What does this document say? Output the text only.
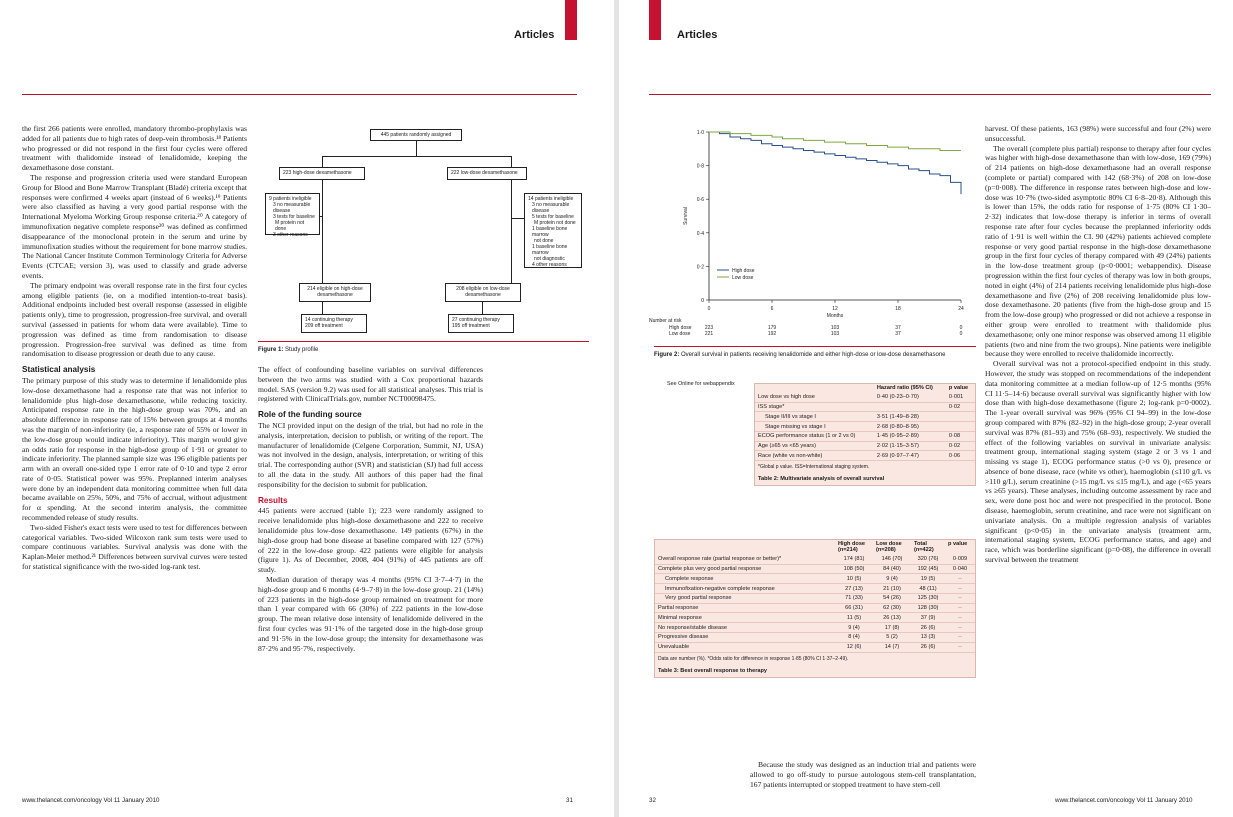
Articles

the first 266 patients were enrolled, mandatory thrombo-prophylaxis was added for all patients due to high rates of deep-vein thrombosis.¹⁸ Patients who progressed or did not respond in the first four cycles were offered treatment with thalidomide instead of lenalidomide, keeping the dexamethasone dose constant.

The response and progression criteria used were standard European Group for Blood and Bone Marrow Transplant (Bladé) criteria except that responses were confirmed 4 weeks apart (instead of 6 weeks).¹⁹ Patients were also classified as having a very good partial response with the International Myeloma Working Group response criteria.²⁰ A category of immunofixation negative complete response²⁰ was defined as confirmed disappearance of the monoclonal protein in the serum and urine by immunofixation studies without the requirement for bone marrow studies. The National Cancer Institute Common Terminology Criteria for Adverse Events (CTCAE; version 3), was used to classify and grade adverse events.

The primary endpoint was overall response rate in the first four cycles among eligible patients (ie, on a modified intention-to-treat basis). Additional endpoints included best overall response (assessed in eligible patients only), time to progression, progression-free survival, and overall survival (assessed in patients for whom data were available). Time to progression was defined as time from randomisation to disease progression. Progression-free survival was defined as time from randomisation to disease progression or death due to any cause.

Statistical analysis

The primary purpose of this study was to determine if lenalidomide plus low-dose dexamethasone had a response rate that was not inferior to lenalidomide plus high-dose dexamethasone, while reducing toxicity. Anticipated response rate in the high-dose group was 70%, and an absolute difference in response rate of 15% between groups at 4 months was the margin of non-inferiority (ie, a response rate of 55% or lower in the low-dose group would indicate inferiority). This margin would give an odds ratio for response in the high-dose group of 1·91 or greater to indicate inferiority. The planned sample size was 196 eligible patients per arm with an overall one-sided type 1 error rate of 0·10 and type 2 error rate of 0·05. Statistical power was 95%. Preplanned interim analyses were done by an independent data monitoring committee when full data became available on 25%, 50%, and 75% of accrual, without adjustment for α spending. At the second interim analysis, the committee recommended release of study results.

Two-sided Fisher's exact tests were used to test for differences between categorical variables. Two-sided Wilcoxon rank sum tests were used to compare continuous variables. Survival analysis was done with the Kaplan-Meier method.²¹ Differences between survival curves were tested for statistical significance with the two-sided log-rank test.

445 patients randomly assigned
223 high-dose dexamethasone	222 low-dose dexamethasone
9 patients ineligible
3 no measurable disease
3 tests for baseline
M protein not done
3 other reasons
14 patients ineligible
3 no measurable disease
5 tests for baseline
M protein not done
1 baseline bone marrow
not done
1 baseline bone marrow
not diagnostic
4 other reasons
214 eligible on high-dose
dexamethasone
208 eligible on low-dose
dexamethasone
14 continuing therapy
209 off treatment
27 continuing therapy
195 off treatment
Figure 1: Study profile

The effect of confounding baseline variables on survival differences between the two arms was studied with a Cox proportional hazards model. SAS (version 9.2) was used for all statistical analyses. This trial is registered with ClinicalTrials.gov, number NCT00098475.

Role of the funding source

The NCI provided input on the design of the trial, but had no role in the analysis, interpretation, decision to publish, or writing of the report. The manufacturer of lenalidomide (Celgene Corporation, Summit, NJ, USA) was not involved in the design, analysis, interpretation, or writing of this trial. The corresponding author (SVR) and statistician (SJ) had full access to all the data in the study. All authors of this paper had the final responsibility for the decision to submit for publication.

Results

445 patients were accrued (table 1); 223 were randomly assigned to receive lenalidomide plus high-dose dexamethasone and 222 to receive lenalidomide plus low-dose dexamethasone. 149 patients (67%) in the high-dose group had bone disease at baseline compared with 127 (57%) of 222 in the low-dose group. 422 patients were eligible for analysis (figure 1). As of December, 2008, 404 (91%) of 445 patients are off study.

Median duration of therapy was 4 months (95% CI 3·7–4·7) in the high-dose group and 6 months (4·9–7·8) in the low-dose group. 21 (14%) of 223 patients in the high-dose group remained on treatment for more than 1 year compared with 66 (30%) of 222 patients in the low-dose group. The mean relative dose intensity of lenalidomide delivered in the first four cycles was 91·1% of the targeted dose in the high-dose group and 91·5% in the low-dose group; the intensity for dexamethasone was 87·2% and 95·7%, respectively.

www.thelancet.com/oncology Vol 11 January 2010	31
Articles
0
0·2
0·4
0·6
0·8
1·0
0	6	12	18	24
Months
Survival
High dose
Low dose
Number at risk
High dose	223	179	103	37	0
Low dose	221	192	103	37	0
Figure 2: Overall survival in patients receiving lenalidomide and either high-dose or low-dose dexamethasone
See Online for webappendix
	Hazard ratio (95% CI)	p value
Low dose vs high dose	0·40 (0·23–0·70)	0·001
ISS stage*		0·02
Stage II/III vs stage I	3·51 (1·49–8·28)	
Stage missing vs stage I	2·68 (0·80–8·95)	
ECOG performance status (1 or 2 vs 0)	1·45 (0·95–2·89)	0·08
Age (≥65 vs <65 years)	2·02 (1·15–3·57)	0·02
Race (white vs non-white)	2·69 (0·97–7·47)	0·06
*Global p value. ISS=International staging system.
Table 2: Multivariate analysis of overall survival
	High dose (n=214)	Low dose (n=208)	Total (n=422)	p value
Overall response rate (partial response or better)*	174 (81)	146 (70)	320 (76)	0·009
Complete plus very good partial response	108 (50)	84 (40)	192 (45)	0·040
Complete response	10 (5)	9 (4)	19 (5)	··
Immunofixation-negative complete response	27 (13)	21 (10)	48 (11)	··
Very good partial response	71 (33)	54 (26)	125 (30)	··
Partial response	66 (31)	62 (30)	128 (30)	··
Minimal response	11 (5)	26 (13)	37 (9)	··
No response/stable disease	9 (4)	17 (8)	26 (6)	··
Progressive disease	8 (4)	5 (2)	13 (3)	··
Unevaluable	12 (6)	14 (7)	26 (6)	··
Data are number (%). *Odds ratio for difference in response 1·85 (80% CI 1·37–2·49).
Table 3: Best overall response to therapy

Because the study was designed as an induction trial and patients were allowed to go off-study to pursue autologous stem-cell transplantation, 167 patients interrupted or stopped treatment to have stem-cell

harvest. Of these patients, 163 (98%) were successful and four (2%) were unsuccessful.

The overall (complete plus partial) response to therapy after four cycles was higher with high-dose dexamethasone than with low-dose, 169 (79%) of 214 patients on high-dose dexamethasone had an overall response (complete or partial) compared with 142 (68·3%) of 208 on low-dose (p=0·008). The difference in response rates between high-dose and low-dose was 10·7% (two-sided asymptotic 80% CI 6·8–20·8). Although this is lower than 15%, the odds ratio for response of 1·75 (80% CI 1·30–2·32) indicates that low-dose therapy is inferior in terms of overall response rate after four cycles because the preplanned inferiority odds ratio of 1·91 is well within the CI. 90 (42%) patients achieved complete response or very good partial response in the high-dose dexamethasone group in the first four cycles of therapy compared with 49 (24%) patients in the low-dose treatment group (p<0·0001; webappendix). Disease progression within the first four cycles of therapy was low in both groups, noted in eight (4%) of 214 patients receiving lenalidomide plus high-dose dexamethasone and five (2%) of 208 receiving lenalidomide plus low-dose dexamethasone. 20 patients (five from the high-dose group and 15 from the low-dose group) who progressed or did not achieve a response in either group were enrolled to treatment with thalidomide plus dexamethasone; only one minor response was observed among 11 eligible patients (two and nine from the two groups). Nine patients were ineligible because they were enrolled to receive thalidomide incorrectly.

Overall survival was not a protocol-specified endpoint in this study. However, the study was stopped on recommendations of the independent data monitoring committee at a median follow-up of 12·5 months (95% CI 11·5–14·6) because overall survival was significantly higher with low dose than with high-dose dexamethasone (figure 2; log-rank p=0·0002). The 1-year overall survival was 96% (95% CI 94–99) in the low-dose group compared with 87% (82–92) in the high-dose group; 2-year overall survival was 87% (81–93) and 75% (68–93), respectively. We studied the effect of the following variables on survival in univariate analysis: treatment group, international staging system (stage 2 or 3 vs 1 and missing vs stage 1), ECOG performance status (>0 vs 0), presence or absence of bone disease, race (white vs other), haemoglobin (≤110 g/L vs >110 g/L), serum creatinine (>15 mg/L vs ≤15 mg/L), and age (<65 years vs ≥65 years). These analyses, including outcome assessment by race and sex, were done post hoc and were not prespecified in the protocol. Bone disease, haemoglobin, serum creatinine, and race were not significant on univariate analysis. On a multiple regression analysis of variables significant (p<0·05) in the univariate analysis (treatment arm, international staging system, ECOG performance status, and age) and race, which was borderline significant (p=0·08), the difference in overall survival between the treatment

32	www.thelancet.com/oncology Vol 11 January 2010
